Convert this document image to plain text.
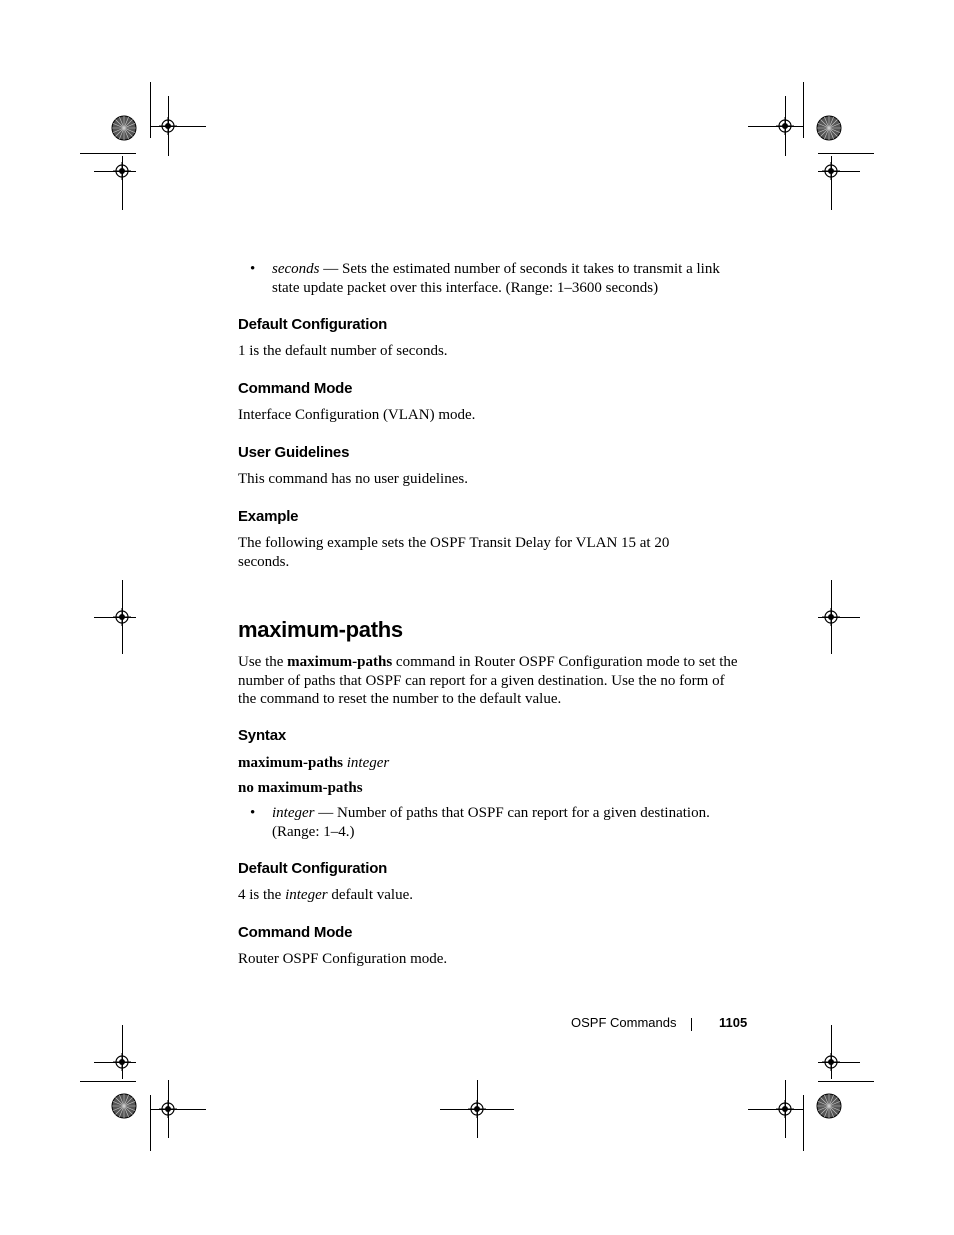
• seconds — Sets the estimated number of seconds it takes to transmit a link state update packet over this interface. (Range: 1–3600 seconds)
Default Configuration
1 is the default number of seconds.
Command Mode
Interface Configuration (VLAN) mode.
User Guidelines
This command has no user guidelines.
Example
The following example sets the OSPF Transit Delay for VLAN 15 at 20 seconds.
maximum-paths
Use the maximum-paths command in Router OSPF Configuration mode to set the number of paths that OSPF can report for a given destination. Use the no form of the command to reset the number to the default value.
Syntax
maximum-paths integer
no maximum-paths
• integer — Number of paths that OSPF can report for a given destination. (Range: 1–4.)
Default Configuration
4 is the integer default value.
Command Mode
Router OSPF Configuration mode.
OSPF Commands	1105
